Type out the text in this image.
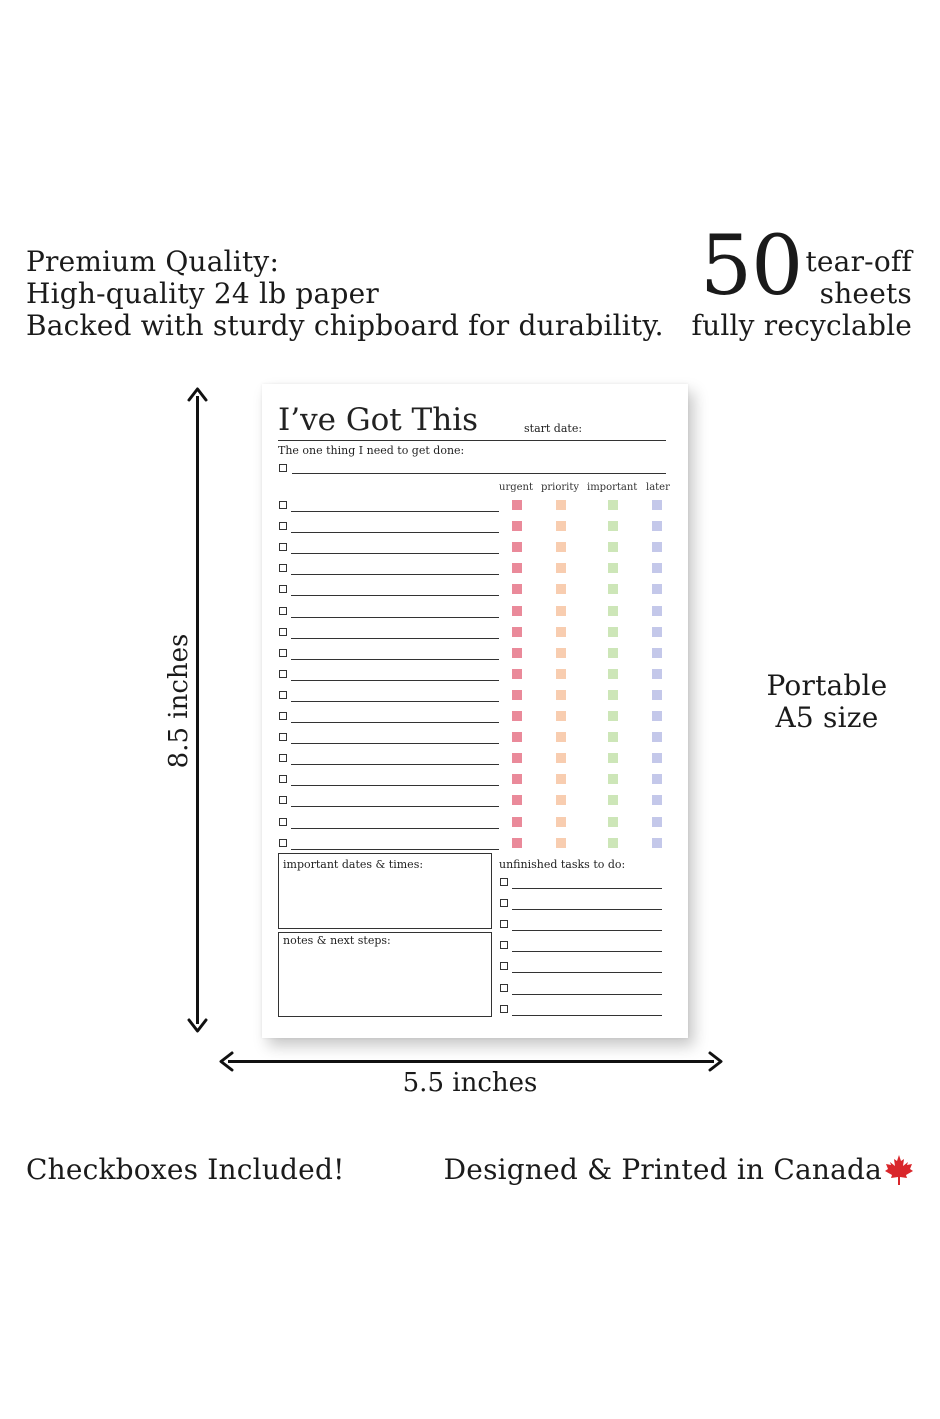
Premium Quality:
High-quality 24 lb paper
Backed with sturdy chipboard for durability.
50 tear-off
sheets
fully recyclable
Portable
A5 size
8.5 inches
5.5 inches
Checkboxes Included!	Designed & Printed in Canada
I’ve Got This	start date:
The one thing I need to get done:
urgent priority important later
important dates & times:
notes & next steps:
unfinished tasks to do:
